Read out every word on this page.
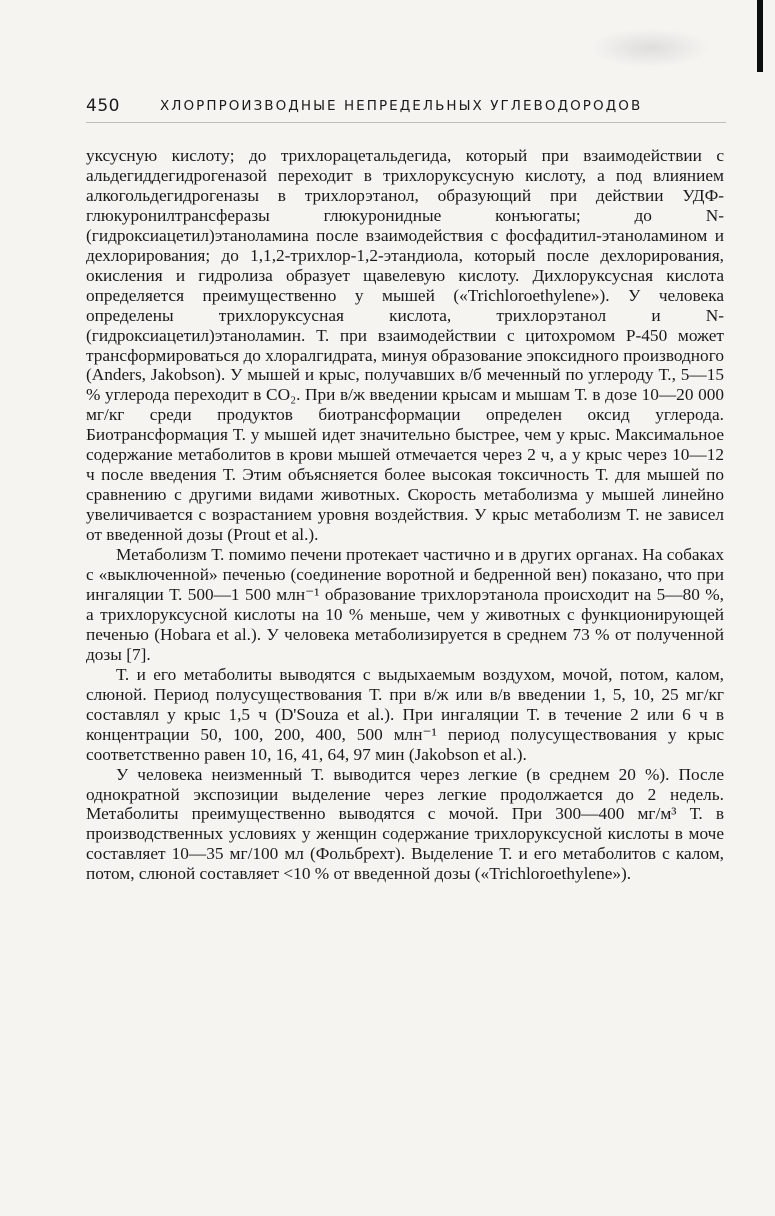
450	ХЛОРПРОИЗВОДНЫЕ НЕПРЕДЕЛЬНЫХ УГЛЕВОДОРОДОВ

уксусную кислоту; до трихлорацетальдегида, который при взаимодействии с альдегиддегидрогеназой переходит в трихлоруксусную кислоту, а под влиянием алкогольдегидрогеназы в трихлорэтанол, образующий при действии УДФ-глюкуронилтрансферазы глюкуронидные конъюгаты; до N-(гидроксиацетил)этаноламина после взаимодействия с фосфадитил-этаноламином и дехлорирования; до 1,1,2-трихлор-1,2-этандиола, который после дехлорирования, окисления и гидролиза образует щавелевую кислоту. Дихлоруксусная кислота определяется преимущественно у мышей («Trichloroethylene»). У человека определены трихлоруксусная кислота, трихлорэтанол и N-(гидроксиацетил)этаноламин. Т. при взаимодействии с цитохромом Р-450 может трансформироваться до хлоралгидрата, минуя образование эпоксидного производного (Anders, Jakobson). У мышей и крыс, получавших в/б меченный по углероду Т., 5—15 % углерода переходит в CO₂. При в/ж введении крысам и мышам Т. в дозе 10—20 000 мг/кг среди продуктов биотрансформации определен оксид углерода. Биотрансформация Т. у мышей идет значительно быстрее, чем у крыс. Максимальное содержание метаболитов в крови мышей отмечается через 2 ч, а у крыс через 10—12 ч после введения Т. Этим объясняется более высокая токсичность Т. для мышей по сравнению с другими видами животных. Скорость метаболизма у мышей линейно увеличивается с возрастанием уровня воздействия. У крыс метаболизм Т. не зависел от введенной дозы (Prout et al.).

Метаболизм Т. помимо печени протекает частично и в других органах. На собаках с «выключенной» печенью (соединение воротной и бедренной вен) показано, что при ингаляции Т. 500—1 500 млн⁻¹ образование трихлорэтанола происходит на 5—80 %, а трихлоруксусной кислоты на 10 % меньше, чем у животных с функционирующей печенью (Hobara et al.). У человека метаболизируется в среднем 73 % от полученной дозы [7].

Т. и его метаболиты выводятся с выдыхаемым воздухом, мочой, потом, калом, слюной. Период полусуществования Т. при в/ж или в/в введении 1, 5, 10, 25 мг/кг составлял у крыс 1,5 ч (D'Souza et al.). При ингаляции Т. в течение 2 или 6 ч в концентрации 50, 100, 200, 400, 500 млн⁻¹ период полусуществования у крыс соответственно равен 10, 16, 41, 64, 97 мин (Jakobson et al.).

У человека неизменный Т. выводится через легкие (в среднем 20 %). После однократной экспозиции выделение через легкие продолжается до 2 недель. Метаболиты преимущественно выводятся с мочой. При 300—400 мг/м³ Т. в производственных условиях у женщин содержание трихлоруксусной кислоты в моче составляет 10—35 мг/100 мл (Фольбрехт). Выделение Т. и его метаболитов с калом, потом, слюной составляет <10 % от введенной дозы («Trichloroethylene»).
